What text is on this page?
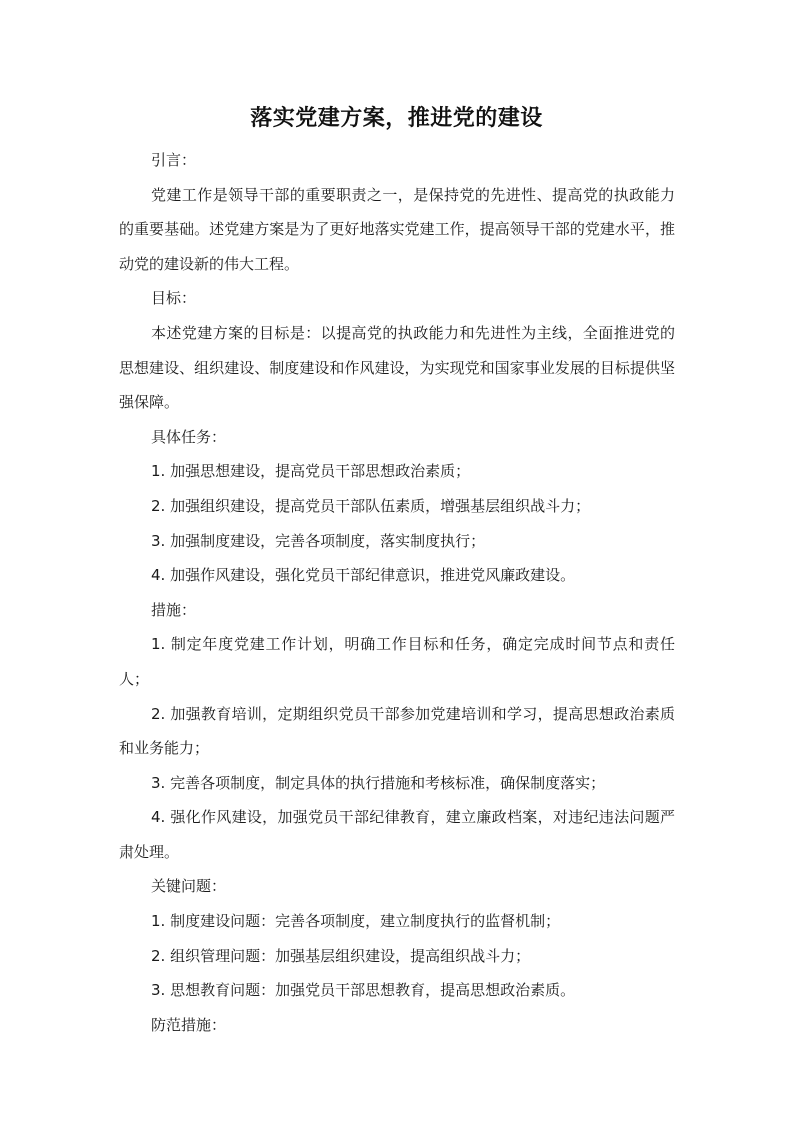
落实党建方案，推进党的建设

引言：

党建工作是领导干部的重要职责之一，是保持党的先进性、提高党的执政能力的重要基础。述党建方案是为了更好地落实党建工作，提高领导干部的党建水平，推动党的建设新的伟大工程。

目标：

本述党建方案的目标是：以提高党的执政能力和先进性为主线，全面推进党的思想建设、组织建设、制度建设和作风建设，为实现党和国家事业发展的目标提供坚强保障。

具体任务：

1. 加强思想建设，提高党员干部思想政治素质；

2. 加强组织建设，提高党员干部队伍素质，增强基层组织战斗力；

3. 加强制度建设，完善各项制度，落实制度执行；

4. 加强作风建设，强化党员干部纪律意识，推进党风廉政建设。

措施：

1. 制定年度党建工作计划，明确工作目标和任务，确定完成时间节点和责任人；

2. 加强教育培训，定期组织党员干部参加党建培训和学习，提高思想政治素质和业务能力；

3. 完善各项制度，制定具体的执行措施和考核标准，确保制度落实；

4. 强化作风建设，加强党员干部纪律教育，建立廉政档案，对违纪违法问题严肃处理。

关键问题：

1. 制度建设问题：完善各项制度，建立制度执行的监督机制；

2. 组织管理问题：加强基层组织建设，提高组织战斗力；

3. 思想教育问题：加强党员干部思想教育，提高思想政治素质。

防范措施：
